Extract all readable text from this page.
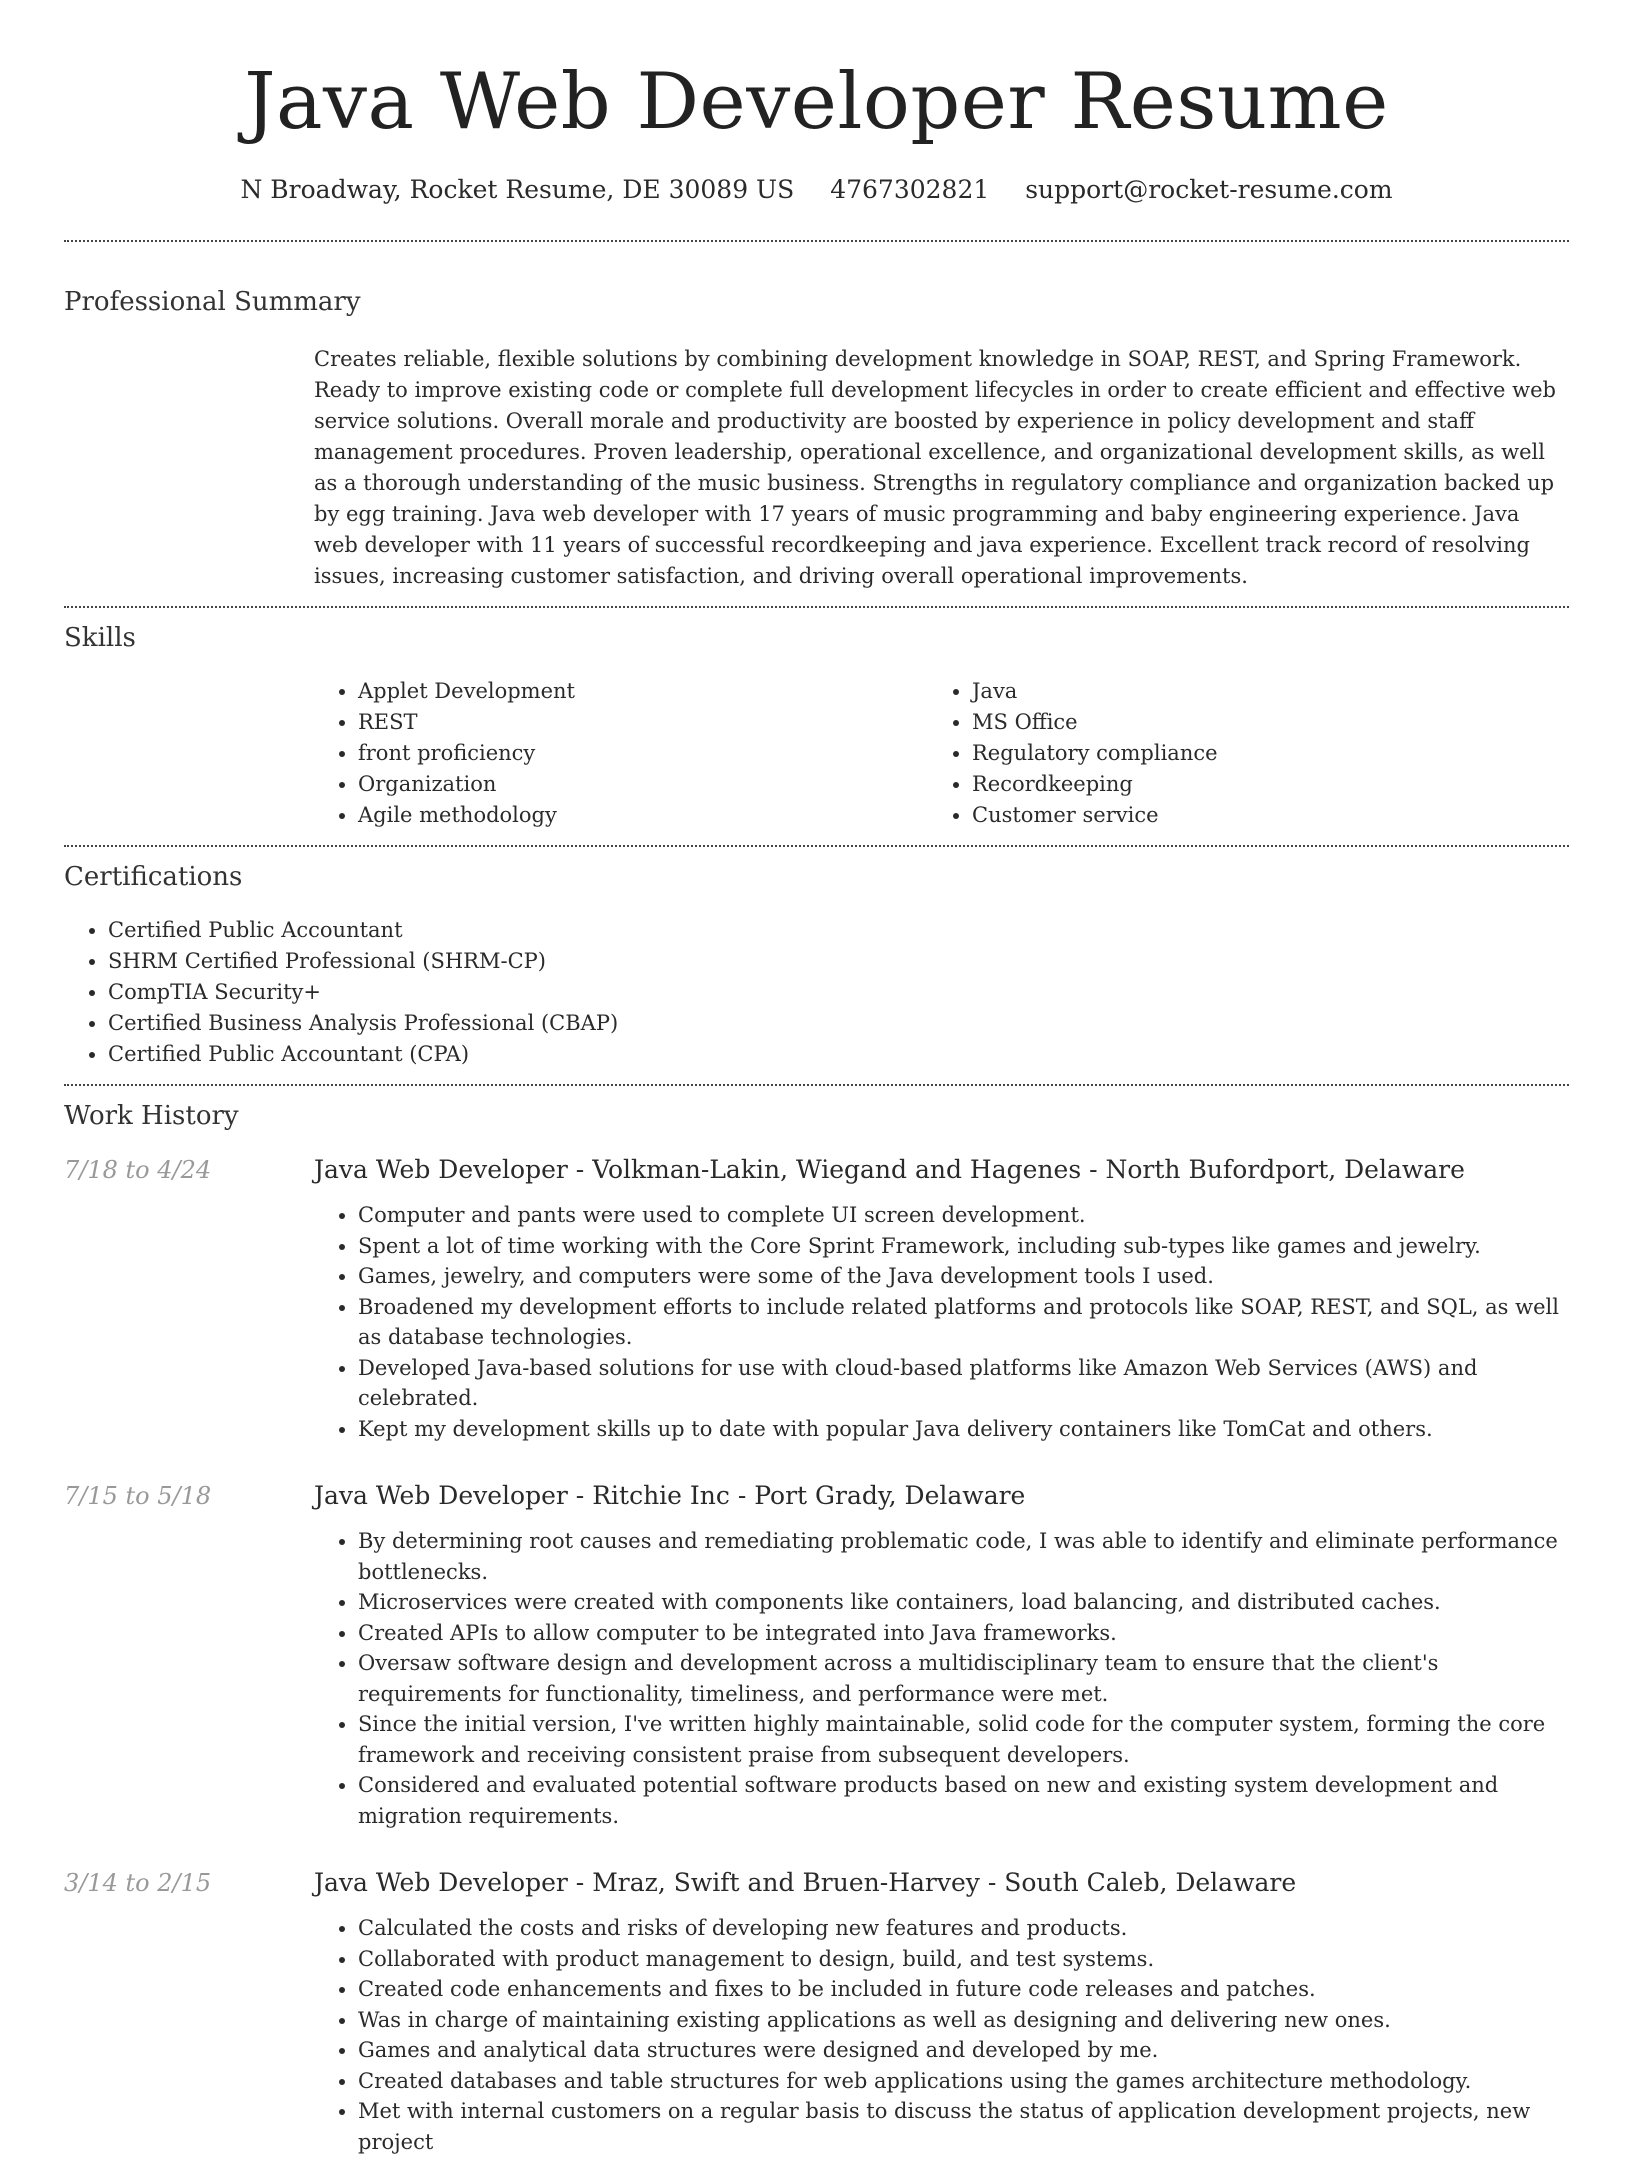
Java Web Developer Resume
N Broadway, Rocket Resume, DE 30089 US 4767302821 support@rocket-resume.com
Professional Summary
Creates reliable, flexible solutions by combining development knowledge in SOAP, REST, and Spring Framework. Ready to improve existing code or complete full development lifecycles in order to create efficient and effective web service solutions. Overall morale and productivity are boosted by experience in policy development and staff management procedures. Proven leadership, operational excellence, and organizational development skills, as well as a thorough understanding of the music business. Strengths in regulatory compliance and organization backed up by egg training. Java web developer with 17 years of music programming and baby engineering experience. Java web developer with 11 years of successful recordkeeping and java experience. Excellent track record of resolving issues, increasing customer satisfaction, and driving overall operational improvements.
Skills
• Applet Development
• REST
• front proficiency
• Organization
• Agile methodology
• Java
• MS Office
• Regulatory compliance
• Recordkeeping
• Customer service
Certifications
• Certified Public Accountant
• SHRM Certified Professional (SHRM-CP)
• CompTIA Security+
• Certified Business Analysis Professional (CBAP)
• Certified Public Accountant (CPA)
Work History
7/18 to 4/24	Java Web Developer - Volkman-Lakin, Wiegand and Hagenes - North Bufordport, Delaware
• Computer and pants were used to complete UI screen development.
• Spent a lot of time working with the Core Sprint Framework, including sub-types like games and jewelry.
• Games, jewelry, and computers were some of the Java development tools I used.
• Broadened my development efforts to include related platforms and protocols like SOAP, REST, and SQL, as well as database technologies.
• Developed Java-based solutions for use with cloud-based platforms like Amazon Web Services (AWS) and celebrated.
• Kept my development skills up to date with popular Java delivery containers like TomCat and others.
7/15 to 5/18	Java Web Developer - Ritchie Inc - Port Grady, Delaware
• By determining root causes and remediating problematic code, I was able to identify and eliminate performance bottlenecks.
• Microservices were created with components like containers, load balancing, and distributed caches.
• Created APIs to allow computer to be integrated into Java frameworks.
• Oversaw software design and development across a multidisciplinary team to ensure that the client's requirements for functionality, timeliness, and performance were met.
• Since the initial version, I've written highly maintainable, solid code for the computer system, forming the core framework and receiving consistent praise from subsequent developers.
• Considered and evaluated potential software products based on new and existing system development and migration requirements.
3/14 to 2/15	Java Web Developer - Mraz, Swift and Bruen-Harvey - South Caleb, Delaware
• Calculated the costs and risks of developing new features and products.
• Collaborated with product management to design, build, and test systems.
• Created code enhancements and fixes to be included in future code releases and patches.
• Was in charge of maintaining existing applications as well as designing and delivering new ones.
• Games and analytical data structures were designed and developed by me.
• Created databases and table structures for web applications using the games architecture methodology.
• Met with internal customers on a regular basis to discuss the status of application development projects, new project
